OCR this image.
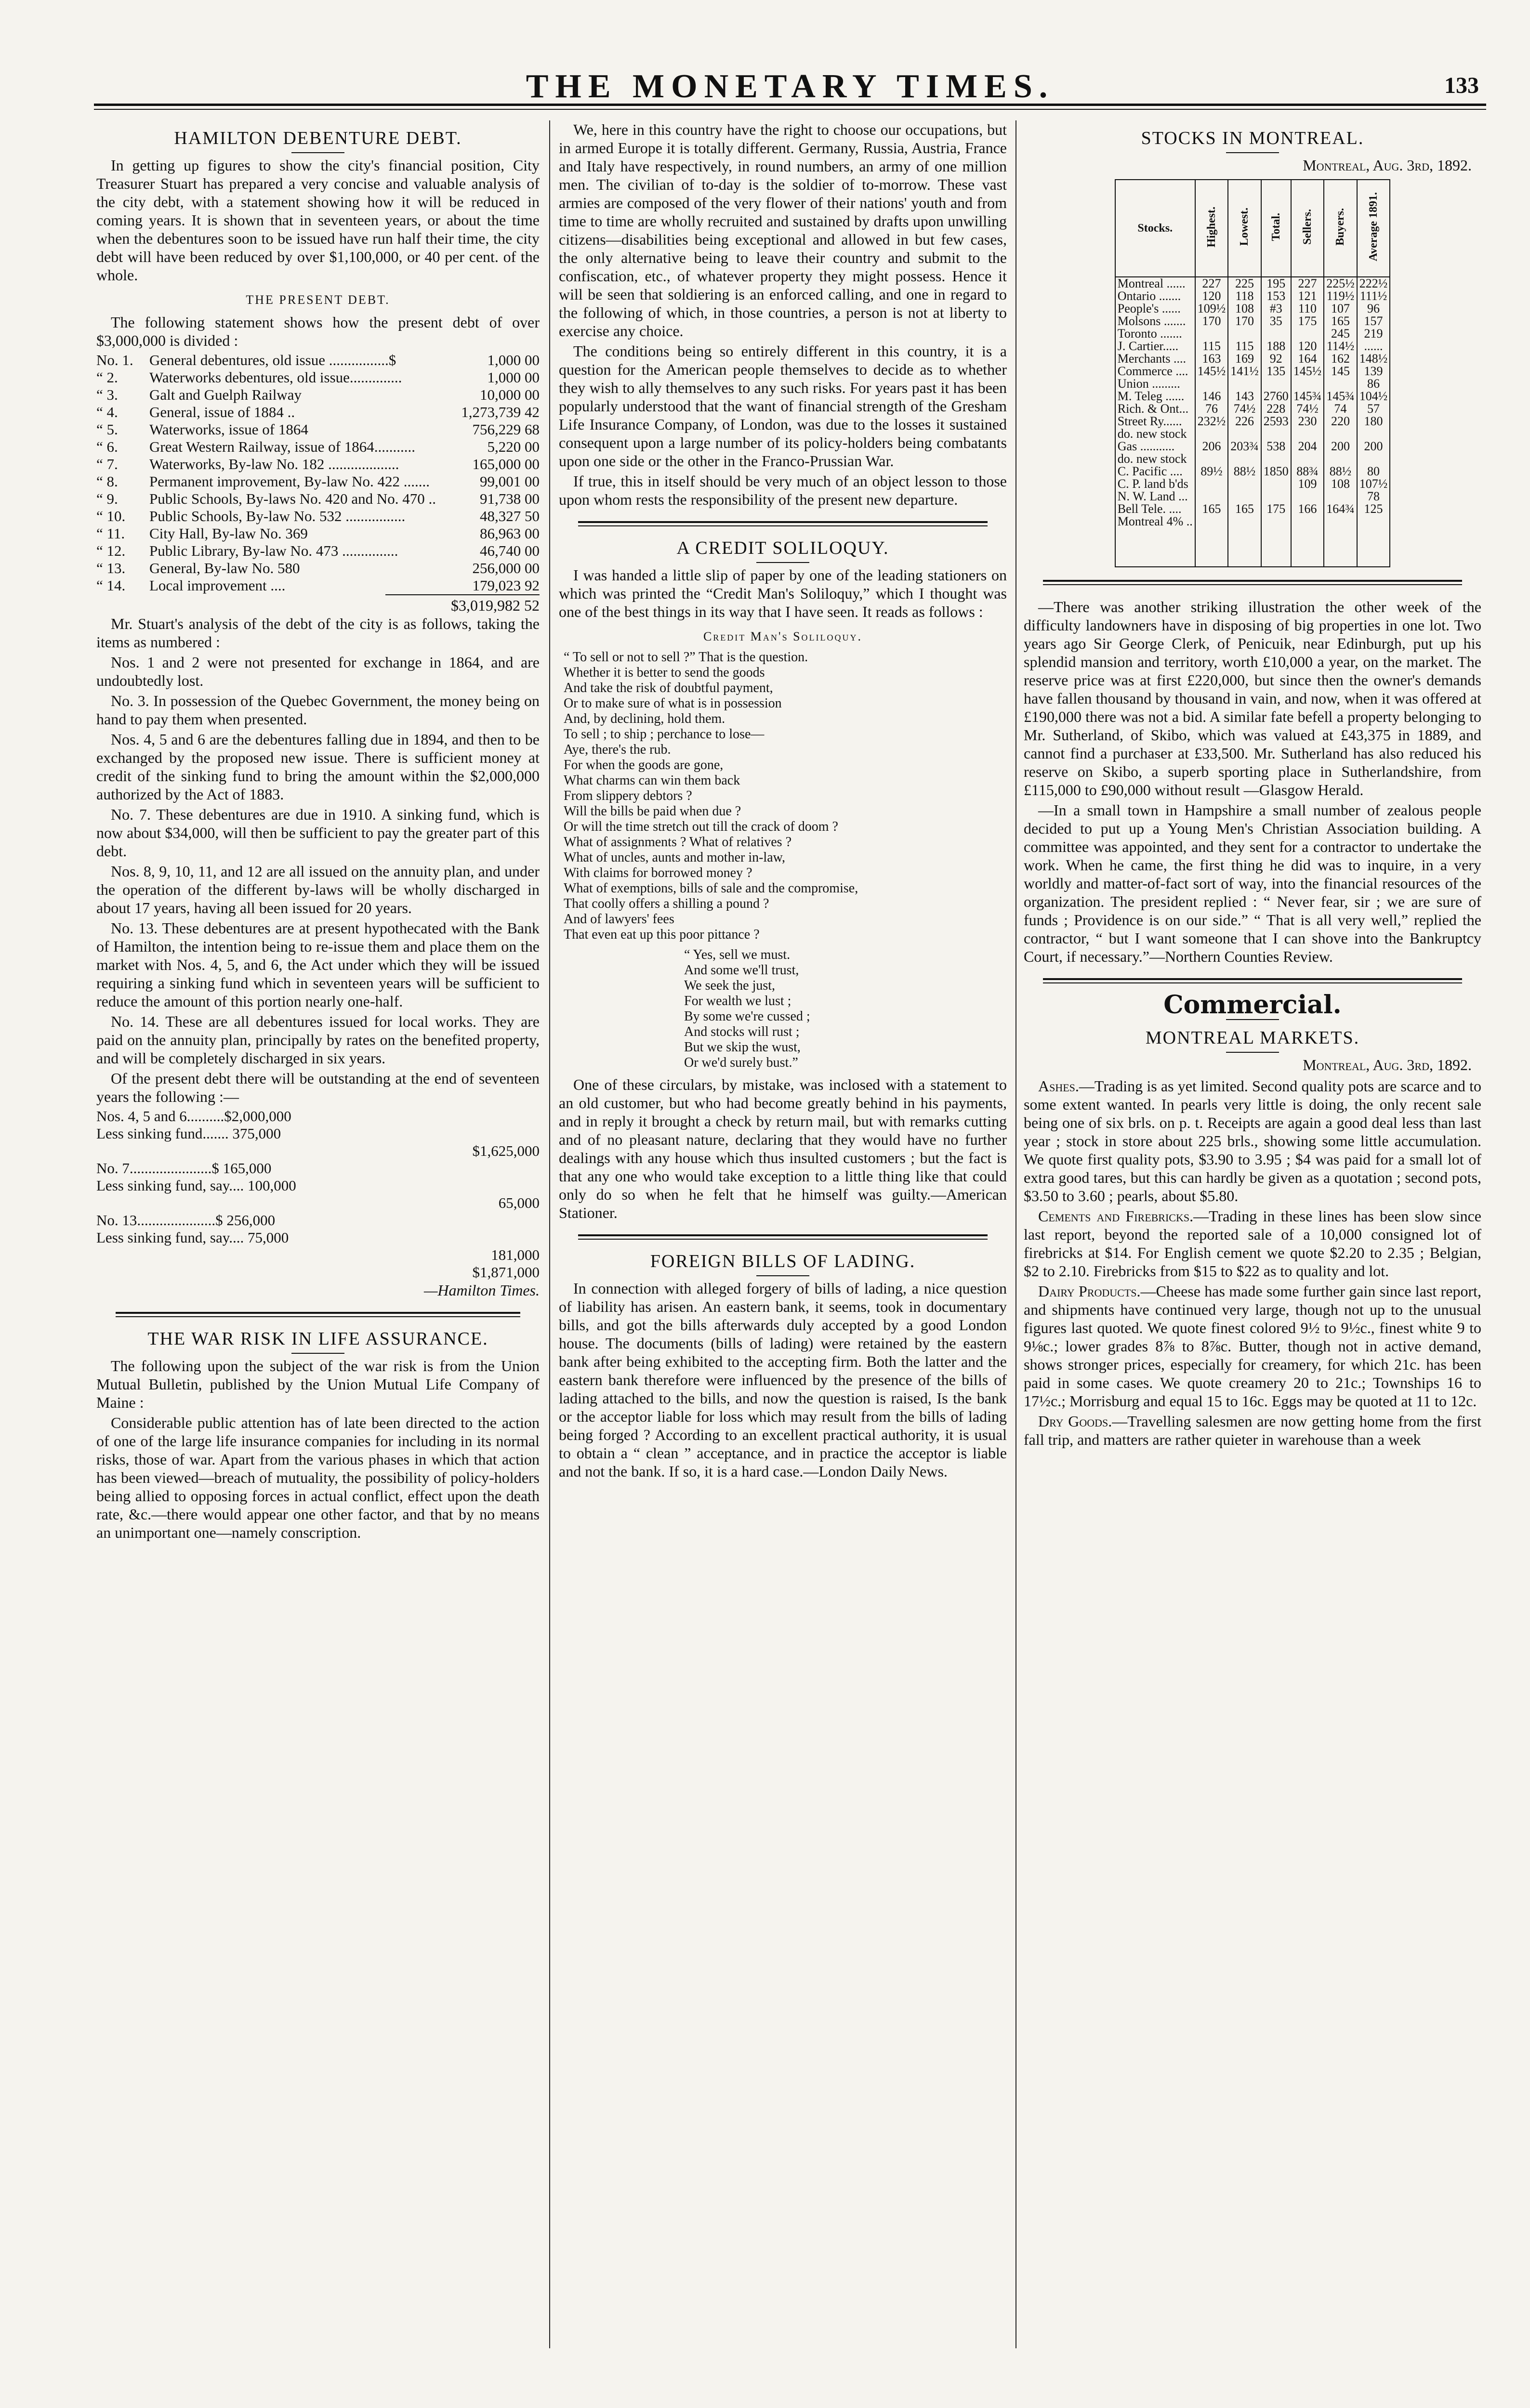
THE MONETARY TIMES.	133
HAMILTON DEBENTURE DEBT.

In getting up figures to show the city's financial position, City Treasurer Stuart has prepared a very concise and valuable analysis of the city debt, with a statement showing how it will be reduced in coming years. It is shown that in seventeen years, or about the time when the debentures soon to be issued have run half their time, the city debt will have been reduced by over $1,100,000, or 40 per cent. of the whole.

THE PRESENT DEBT.

The following statement shows how the present debt of over $3,000,000 is divided :

No. 1.	General debentures, old issue ................$	1,000 00
“ 2.	Waterworks debentures, old issue..............	1,000 00
“ 3.	Galt and Guelph Railway	10,000 00
“ 4.	General, issue of 1884 ..	1,273,739 42
“ 5.	Waterworks, issue of 1864	756,229 68
“ 6.	Great Western Railway, issue of 1864...........	5,220 00
“ 7.	Waterworks, By-law No. 182 ...................	165,000 00
“ 8.	Permanent improvement, By-law No. 422 .......	99,001 00
“ 9.	Public Schools, By-laws No. 420 and No. 470 ..	91,738 00
“ 10.	Public Schools, By-law No. 532 ................	48,327 50
“ 11.	City Hall, By-law No. 369	86,963 00
“ 12.	Public Library, By-law No. 473 ...............	46,740 00
“ 13.	General, By-law No. 580	256,000 00
“ 14.	Local improvement ....	179,023 92
$3,019,982 52

Mr. Stuart's analysis of the debt of the city is as follows, taking the items as numbered :

Nos. 1 and 2 were not presented for exchange in 1864, and are undoubtedly lost.

No. 3. In possession of the Quebec Government, the money being on hand to pay them when presented.

Nos. 4, 5 and 6 are the debentures falling due in 1894, and then to be exchanged by the proposed new issue. There is sufficient money at credit of the sinking fund to bring the amount within the $2,000,000 authorized by the Act of 1883.

No. 7. These debentures are due in 1910. A sinking fund, which is now about $34,000, will then be sufficient to pay the greater part of this debt.

Nos. 8, 9, 10, 11, and 12 are all issued on the annuity plan, and under the operation of the different by-laws will be wholly discharged in about 17 years, having all been issued for 20 years.

No. 13. These debentures are at present hypothecated with the Bank of Hamilton, the intention being to re-issue them and place them on the market with Nos. 4, 5, and 6, the Act under which they will be issued requiring a sinking fund which in seventeen years will be sufficient to reduce the amount of this portion nearly one-half.

No. 14. These are all debentures issued for local works. They are paid on the annuity plan, principally by rates on the benefited property, and will be completely discharged in six years.

Of the present debt there will be outstanding at the end of seventeen years the following :—

Nos. 4, 5 and 6..........$2,000,000	
Less sinking fund....... 375,000	
	$1,625,000
No. 7......................$ 165,000	
Less sinking fund, say.... 100,000	
	65,000
No. 13.....................$ 256,000	
Less sinking fund, say.... 75,000	
	181,000
	$1,871,000
—Hamilton Times.
THE WAR RISK IN LIFE ASSURANCE.

The following upon the subject of the war risk is from the Union Mutual Bulletin, published by the Union Mutual Life Company of Maine :

Considerable public attention has of late been directed to the action of one of the large life insurance companies for including in its normal risks, those of war. Apart from the various phases in which that action has been viewed—breach of mutuality, the possibility of policy-holders being allied to opposing forces in actual conflict, effect upon the death rate, &c.—there would appear one other factor, and that by no means an unimportant one—namely conscription.

We, here in this country have the right to choose our occupations, but in armed Europe it is totally different. Germany, Russia, Austria, France and Italy have respectively, in round numbers, an army of one million men. The civilian of to-day is the soldier of to-morrow. These vast armies are composed of the very flower of their nations' youth and from time to time are wholly recruited and sustained by drafts upon unwilling citizens—disabilities being exceptional and allowed in but few cases, the only alternative being to leave their country and submit to the confiscation, etc., of whatever property they might possess. Hence it will be seen that soldiering is an enforced calling, and one in regard to the following of which, in those countries, a person is not at liberty to exercise any choice.

The conditions being so entirely different in this country, it is a question for the American people themselves to decide as to whether they wish to ally themselves to any such risks. For years past it has been popularly understood that the want of financial strength of the Gresham Life Insurance Company, of London, was due to the losses it sustained consequent upon a large number of its policy-holders being combatants upon one side or the other in the Franco-Prussian War.

If true, this in itself should be very much of an object lesson to those upon whom rests the responsibility of the present new departure.

A CREDIT SOLILOQUY.

I was handed a little slip of paper by one of the leading stationers on which was printed the “Credit Man's Soliloquy,” which I thought was one of the best things in its way that I have seen. It reads as follows :

Credit Man's Soliloquy.
“ To sell or not to sell ?” That is the question.
Whether it is better to send the goods
And take the risk of doubtful payment,
Or to make sure of what is in possession
And, by declining, hold them.
To sell ; to ship ; perchance to lose—
Aye, there's the rub.
For when the goods are gone,
What charms can win them back
From slippery debtors ?
Will the bills be paid when due ?
Or will the time stretch out till the crack of doom ?
What of assignments ? What of relatives ?
What of uncles, aunts and mother in-law,
With claims for borrowed money ?
What of exemptions, bills of sale and the compromise,
That coolly offers a shilling a pound ?
And of lawyers' fees
That even eat up this poor pittance ?
“ Yes, sell we must.
And some we'll trust,
We seek the just,
For wealth we lust ;
By some we're cussed ;
And stocks will rust ;
But we skip the wust,
Or we'd surely bust.”

One of these circulars, by mistake, was inclosed with a statement to an old customer, but who had become greatly behind in his payments, and in reply it brought a check by return mail, but with remarks cutting and of no pleasant nature, declaring that they would have no further dealings with any house which thus insulted customers ; but the fact is that any one who would take exception to a little thing like that could only do so when he felt that he himself was guilty.—American Stationer.

FOREIGN BILLS OF LADING.

In connection with alleged forgery of bills of lading, a nice question of liability has arisen. An eastern bank, it seems, took in documentary bills, and got the bills afterwards duly accepted by a good London house. The documents (bills of lading) were retained by the eastern bank after being exhibited to the accepting firm. Both the latter and the eastern bank therefore were influenced by the presence of the bills of lading attached to the bills, and now the question is raised, Is the bank or the acceptor liable for loss which may result from the bills of lading being forged ? According to an excellent practical authority, it is usual to obtain a “ clean ” acceptance, and in practice the acceptor is liable and not the bank. If so, it is a hard case.—London Daily News.

STOCKS IN MONTREAL.
Montreal, Aug. 3rd, 1892.
Stocks.	Highest.	Lowest.	Total.	Sellers.	Buyers.	Average 1891.
Montreal ......	227	225	195	227	225½	222½
Ontario .......	120	118	153	121	119½	111½
People's ......	109½	108	#3	110	107	96
Molsons .......	170	170	35	175	165	157
Toronto .......					245	219
J. Cartier.....	115	115	188	120	114½	......
Merchants ....	163	169	92	164	162	148½
Commerce ....	145½	141½	135	145½	145	139
Union .........						86
M. Teleg ......	146	143	2760	145¾	145¾	104½
Rich. & Ont...	76	74½	228	74½	74	57
Street Ry......	232½	226	2593	230	220	180
do. new stock						
Gas ...........	206	203¾	538	204	200	200
do. new stock						
C. Pacific ....	89½	88½	1850	88¾	88½	80
C. P. land b'ds				109	108	107½
N. W. Land ...						78
Bell Tele. ....	165	165	175	166	164¾	125
Montreal 4% ..						

—There was another striking illustration the other week of the difficulty landowners have in disposing of big properties in one lot. Two years ago Sir George Clerk, of Penicuik, near Edinburgh, put up his splendid mansion and territory, worth £10,000 a year, on the market. The reserve price was at first £220,000, but since then the owner's demands have fallen thousand by thousand in vain, and now, when it was offered at £190,000 there was not a bid. A similar fate befell a property belonging to Mr. Sutherland, of Skibo, which was valued at £43,375 in 1889, and cannot find a purchaser at £33,500. Mr. Sutherland has also reduced his reserve on Skibo, a superb sporting place in Sutherlandshire, from £115,000 to £90,000 without result —Glasgow Herald.

—In a small town in Hampshire a small number of zealous people decided to put up a Young Men's Christian Association building. A committee was appointed, and they sent for a contractor to undertake the work. When he came, the first thing he did was to inquire, in a very worldly and matter-of-fact sort of way, into the financial resources of the organization. The president replied : “ Never fear, sir ; we are sure of funds ; Providence is on our side.” “ That is all very well,” replied the contractor, “ but I want someone that I can shove into the Bankruptcy Court, if necessary.”—Northern Counties Review.

Commercial.
MONTREAL MARKETS.
Montreal, Aug. 3rd, 1892.

Ashes.—Trading is as yet limited. Second quality pots are scarce and to some extent wanted. In pearls very little is doing, the only recent sale being one of six brls. on p. t. Receipts are again a good deal less than last year ; stock in store about 225 brls., showing some little accumulation. We quote first quality pots, $3.90 to 3.95 ; $4 was paid for a small lot of extra good tares, but this can hardly be given as a quotation ; second pots, $3.50 to 3.60 ; pearls, about $5.80.

Cements and Firebricks.—Trading in these lines has been slow since last report, beyond the reported sale of a 10,000 consigned lot of firebricks at $14. For English cement we quote $2.20 to 2.35 ; Belgian, $2 to 2.10. Firebricks from $15 to $22 as to quality and lot.

Dairy Products.—Cheese has made some further gain since last report, and shipments have continued very large, though not up to the unusual figures last quoted. We quote finest colored 9½ to 9½c., finest white 9 to 9⅛c.; lower grades 8⅞ to 8⅞c. Butter, though not in active demand, shows stronger prices, especially for creamery, for which 21c. has been paid in some cases. We quote creamery 20 to 21c.; Townships 16 to 17½c.; Morrisburg and equal 15 to 16c. Eggs may be quoted at 11 to 12c.

Dry Goods.—Travelling salesmen are now getting home from the first fall trip, and matters are rather quieter in warehouse than a week
